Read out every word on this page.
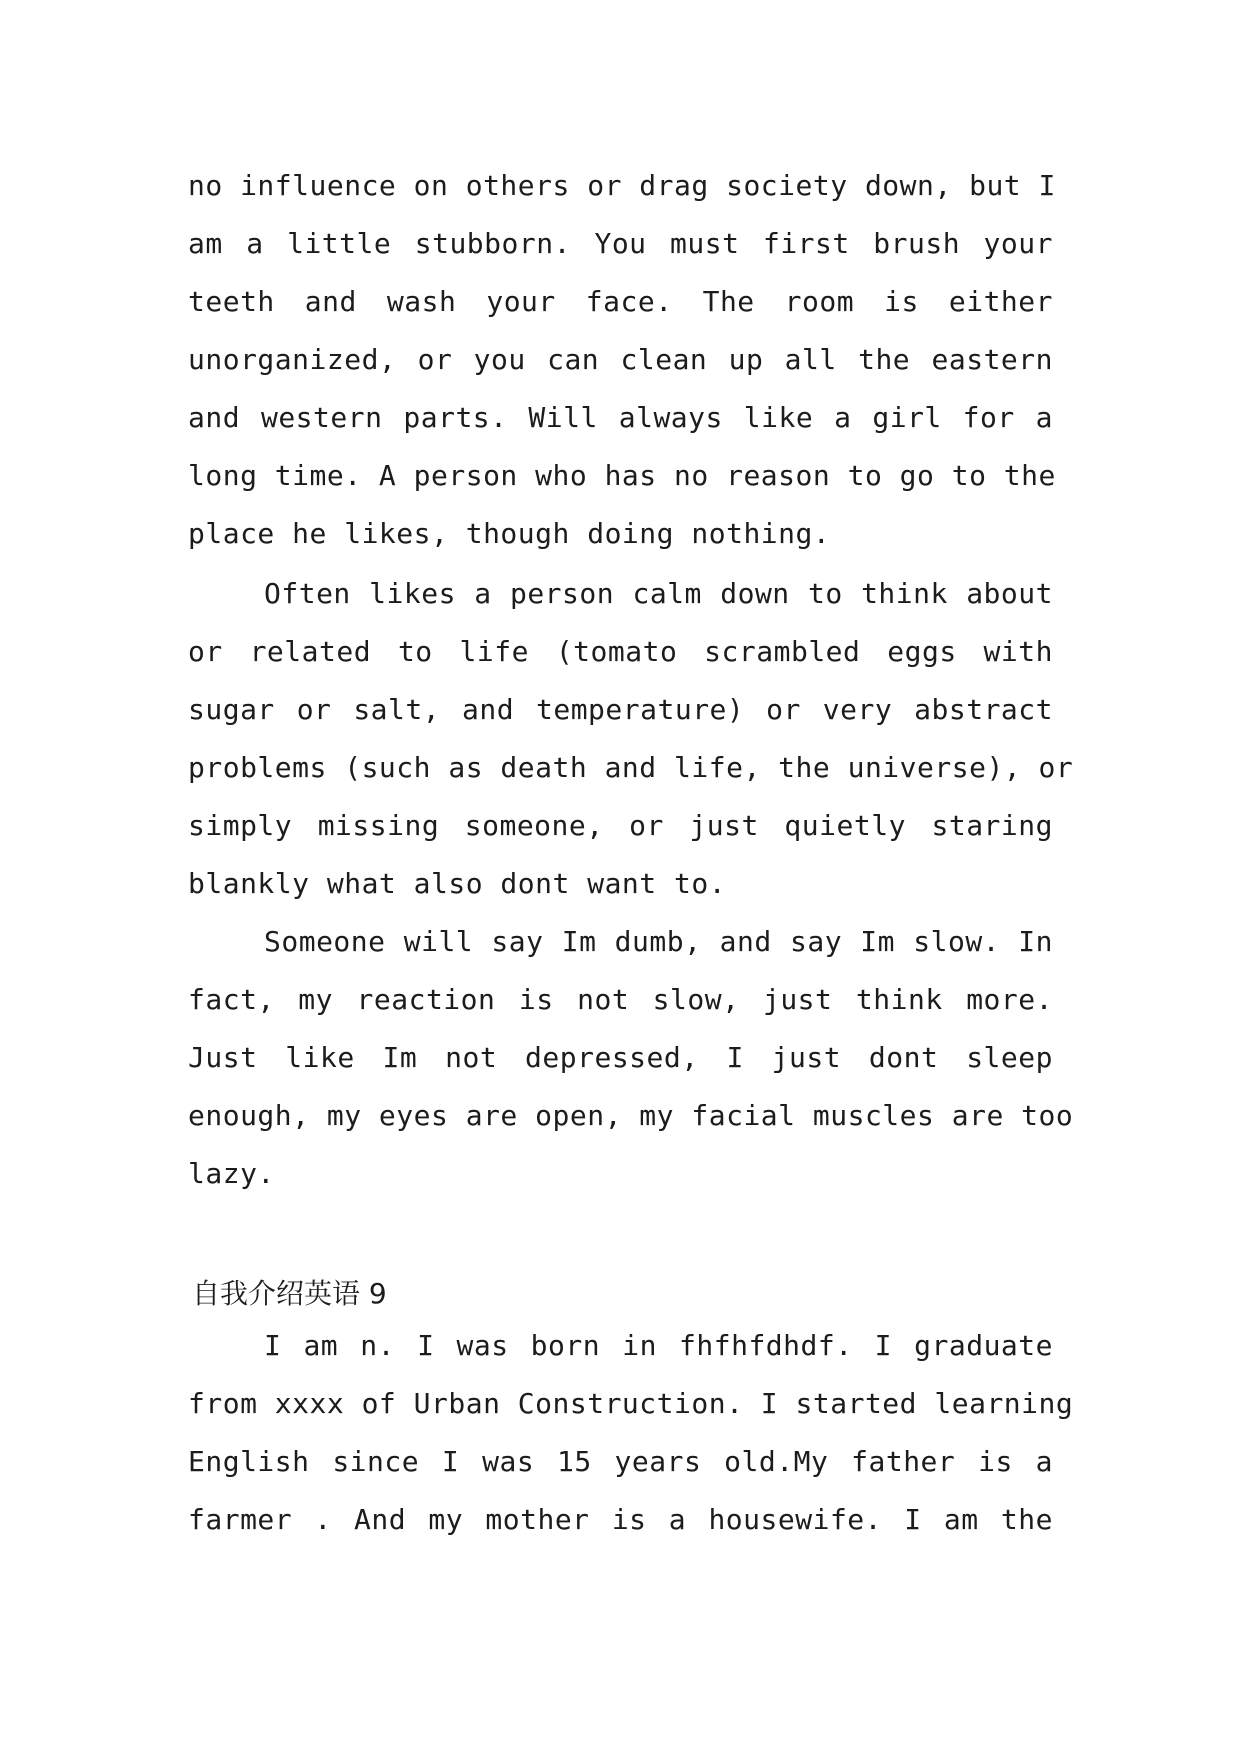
no influence on others or drag society down, but I
am a little stubborn. You must first brush your
teeth and wash your face. The room is either
unorganized, or you can clean up all the eastern
and western parts. Will always like a girl for a
long time. A person who has no reason to go to the
place he likes, though doing nothing.
Often likes a person calm down to think about
or related to life (tomato scrambled eggs with
sugar or salt, and temperature) or very abstract
problems (such as death and life, the universe), or
simply missing someone, or just quietly staring
blankly what also dont want to.
Someone will say Im dumb, and say Im slow. In
fact, my reaction is not slow, just think more.
Just like Im not depressed, I just dont sleep
enough, my eyes are open, my facial muscles are too
lazy.
自我介绍英语 9
I am n. I was born in fhfhfdhdf. I graduate
from xxxx of Urban Construction. I started learning
English since I was 15 years old.My father is a
farmer . And my mother is a housewife. I am the
